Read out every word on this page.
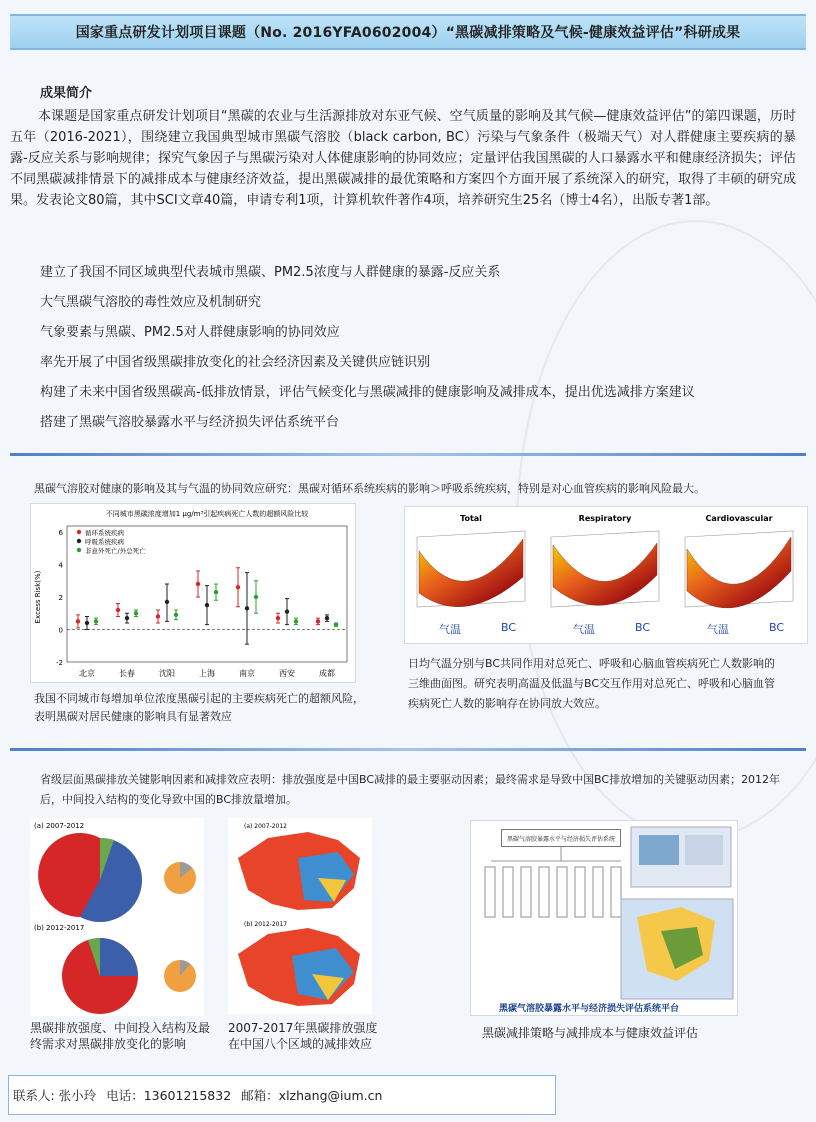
国家重点研发计划项目课题（No. 2016YFA0602004）“黑碳减排策略及气候-健康效益评估”科研成果
成果简介

本课题是国家重点研发计划项目“黑碳的农业与生活源排放对东亚气候、空气质量的影响及其气候—健康效益评估”的第四课题，历时五年（2016-2021），围绕建立我国典型城市黑碳气溶胶（black carbon, BC）污染与气象条件（极端天气）对人群健康主要疾病的暴露-反应关系与影响规律；探究气象因子与黑碳污染对人体健康影响的协同效应；定量评估我国黑碳的人口暴露水平和健康经济损失；评估不同黑碳减排情景下的减排成本与健康经济效益，提出黑碳减排的最优策略和方案四个方面开展了系统深入的研究，取得了丰硕的研究成果。发表论文80篇，其中SCI文章40篇，申请专利1项，计算机软件著作4项，培养研究生25名（博士4名），出版专著1部。

建立了我国不同区域典型代表城市黑碳、PM2.5浓度与人群健康的暴露-反应关系
大气黑碳气溶胶的毒性效应及机制研究
气象要素与黑碳、PM2.5对人群健康影响的协同效应
率先开展了中国省级黑碳排放变化的社会经济因素及关键供应链识别
构建了未来中国省级黑碳高-低排放情景，评估气候变化与黑碳减排的健康影响及减排成本，提出优选减排方案建议
搭建了黑碳气溶胶暴露水平与经济损失评估系统平台
黑碳气溶胶对健康的影响及其与气温的协同效应研究：黑碳对循环系统疾病的影响＞呼吸系统疾病，特别是对心血管疾病的影响风险最大。
不同城市黑碳浓度增加1 μg/m³引起疾病死亡人数的超额风险比较
-2
0
2
4
6
Excess Risk(%)
北京	长春	沈阳	上海	南京	西安	成都
循环系统疾病
呼吸系统疾病
非意外死亡/外总死亡
我国不同城市每增加单位浓度黑碳引起的主要疾病死亡的超额风险，表明黑碳对居民健康的影响具有显著效应
Total
气温	BC
Respiratory
气温	BC
Cardiovascular
气温	BC
日均气温分别与BC共同作用对总死亡、呼吸和心脑血管疾病死亡人数影响的三维曲面图。研究表明高温及低温与BC交互作用对总死亡、呼吸和心脑血管疾病死亡人数的影响存在协同放大效应。
省级层面黑碳排放关键影响因素和减排效应表明：排放强度是中国BC减排的最主要驱动因素；最终需求是导致中国BC排放增加的关键驱动因素；2012年后，中间投入结构的变化导致中国的BC排放量增加。
(a) 2007-2012
(b) 2012-2017
黑碳排放强度、中间投入结构及最终需求对黑碳排放变化的影响
(a) 2007-2012
(b) 2012-2017
2007-2017年黑碳排放强度在中国八个区域的减排效应
黑碳气溶胶暴露水平与经济损失评估系统
黑碳气溶胶暴露水平与经济损失评估系统平台
黑碳减排策略与减排成本与健康效益评估
联系人: 张小玲 电话：13601215832 邮箱：xlzhang@ium.cn
